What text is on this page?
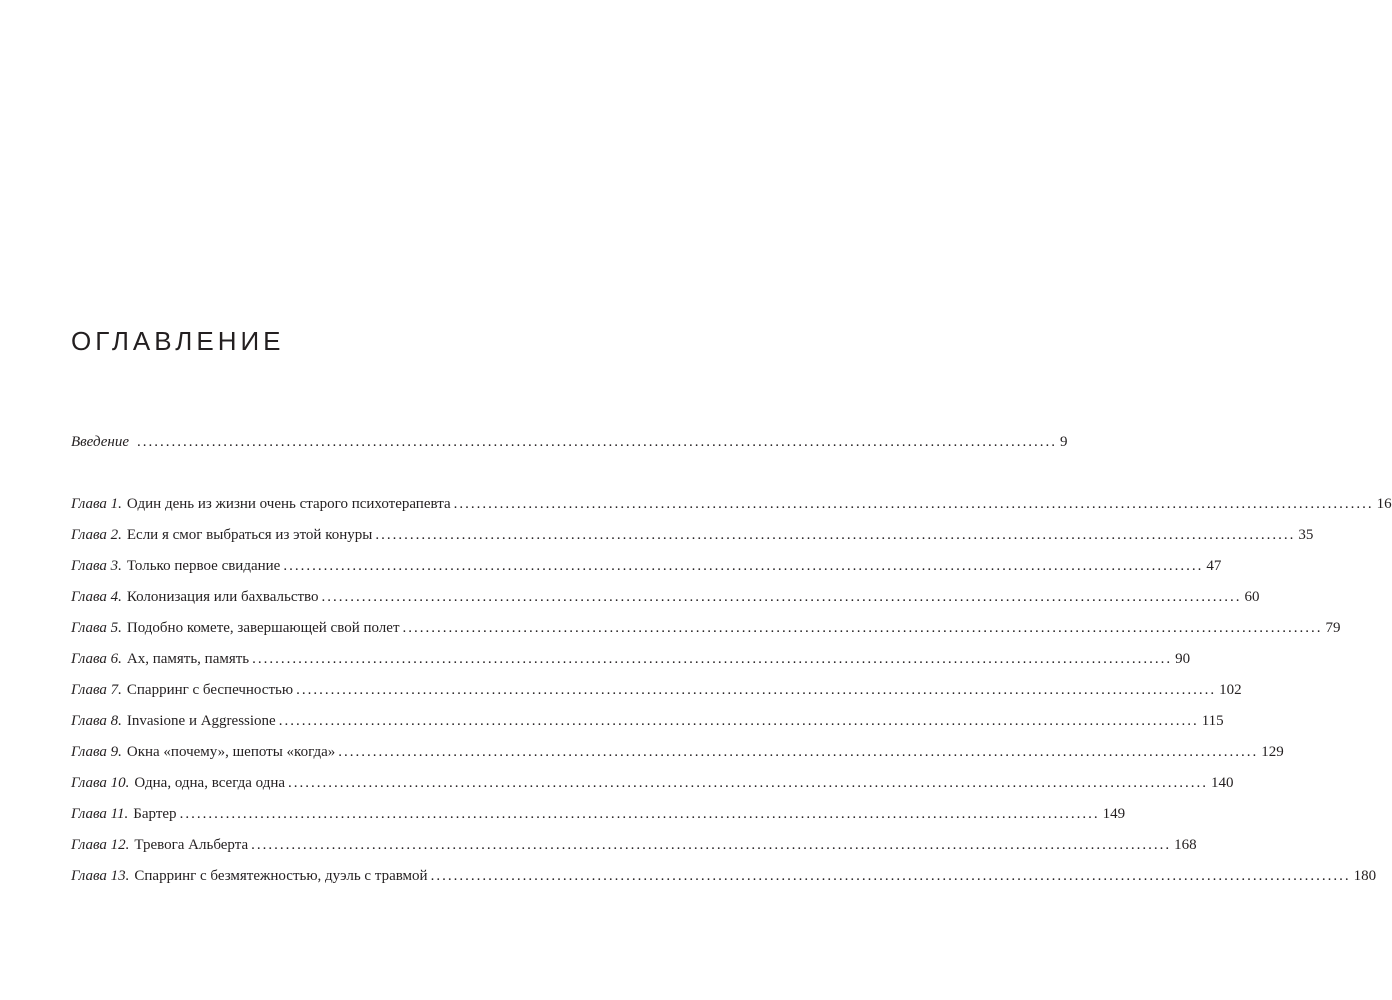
ОГЛАВЛЕНИЕ
Введение .....	9
Глава 1. Один день из жизни очень старого психотерапевта .....	16
Глава 2. Если я смог выбраться из этой конуры .....	35
Глава 3. Только первое свидание .....	47
Глава 4. Колонизация или бахвальство .....	60
Глава 5. Подобно комете, завершающей свой полет .....	79
Глава 6. Ах, память, память .....	90
Глава 7. Спарринг с беспечностью .....	102
Глава 8. Invasione и Aggressione .....	115
Глава 9. Окна «почему», шепоты «когда» .....	129
Глава 10. Одна, одна, всегда одна .....	140
Глава 11. Бартер .....	149
Глава 12. Тревога Альберта .....	168
Глава 13. Спарринг с безмятежностью, дуэль с травмой .....	180
